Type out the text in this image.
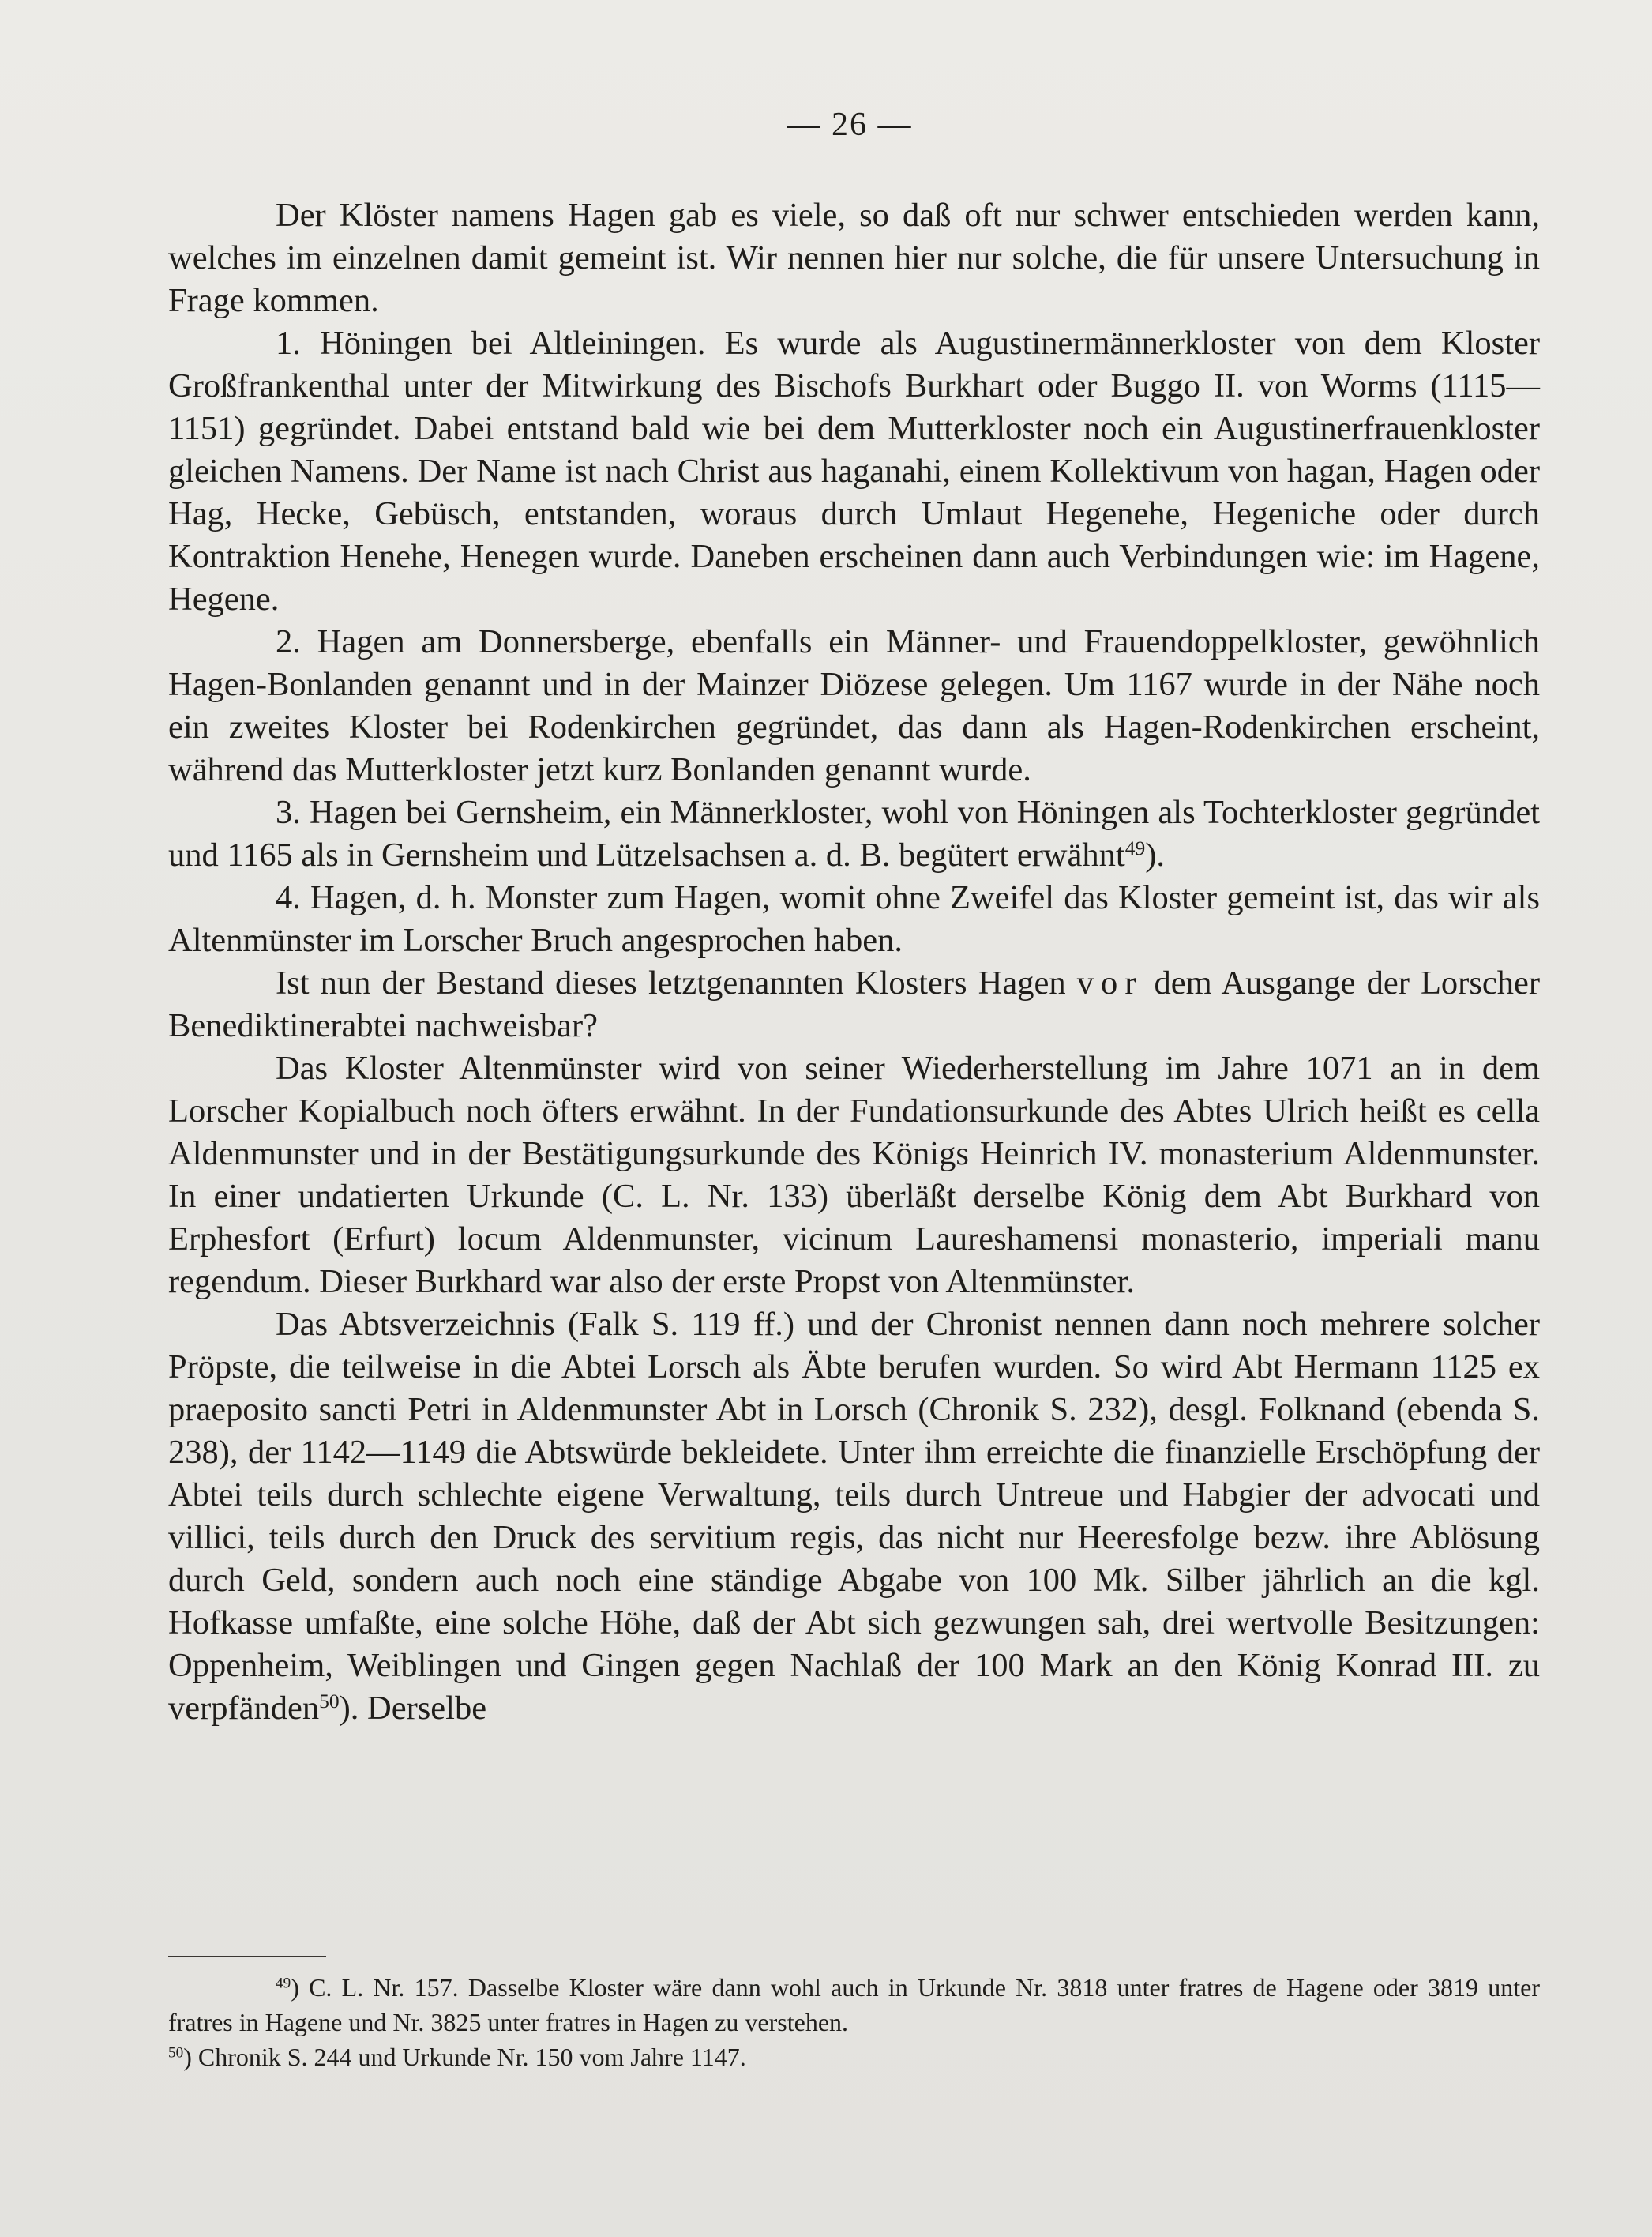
— 26 —

Der Klöster namens Hagen gab es viele, so daß oft nur schwer entschieden werden kann, welches im einzelnen damit gemeint ist. Wir nennen hier nur solche, die für unsere Untersuchung in Frage kommen.

1. Höningen bei Altleiningen. Es wurde als Augustinermännerkloster von dem Kloster Großfrankenthal unter der Mitwirkung des Bischofs Burkhart oder Buggo II. von Worms (1115—1151) gegründet. Dabei entstand bald wie bei dem Mutterkloster noch ein Augustinerfrauenkloster gleichen Namens. Der Name ist nach Christ aus haganahi, einem Kollektivum von hagan, Hagen oder Hag, Hecke, Gebüsch, entstanden, woraus durch Umlaut Hegenehe, Hegeniche oder durch Kontraktion Henehe, Henegen wurde. Daneben erscheinen dann auch Verbindungen wie: im Hagene, Hegene.

2. Hagen am Donnersberge, ebenfalls ein Männer- und Frauendoppelkloster, gewöhnlich Hagen-Bonlanden genannt und in der Mainzer Diözese gelegen. Um 1167 wurde in der Nähe noch ein zweites Kloster bei Rodenkirchen gegründet, das dann als Hagen-Rodenkirchen erscheint, während das Mutterkloster jetzt kurz Bonlanden genannt wurde.

3. Hagen bei Gernsheim, ein Männerkloster, wohl von Höningen als Tochterkloster gegründet und 1165 als in Gernsheim und Lützelsachsen a. d. B. begütert erwähnt$^{49}$).

4. Hagen, d. h. Monster zum Hagen, womit ohne Zweifel das Kloster gemeint ist, das wir als Altenmünster im Lorscher Bruch angesprochen haben.

Ist nun der Bestand dieses letztgenannten Klosters Hagen vor dem Ausgange der Lorscher Benediktinerabtei nachweisbar?

Das Kloster Altenmünster wird von seiner Wiederherstellung im Jahre 1071 an in dem Lorscher Kopialbuch noch öfters erwähnt. In der Fundationsurkunde des Abtes Ulrich heißt es cella Aldenmunster und in der Bestätigungsurkunde des Königs Heinrich IV. monasterium Aldenmunster. In einer undatierten Urkunde (C. L. Nr. 133) überläßt derselbe König dem Abt Burkhard von Erphesfort (Erfurt) locum Aldenmunster, vicinum Laureshamensi monasterio, imperiali manu regendum. Dieser Burkhard war also der erste Propst von Altenmünster.

Das Abtsverzeichnis (Falk S. 119 ff.) und der Chronist nennen dann noch mehrere solcher Pröpste, die teilweise in die Abtei Lorsch als Äbte berufen wurden. So wird Abt Hermann 1125 ex praeposito sancti Petri in Aldenmunster Abt in Lorsch (Chronik S. 232), desgl. Folknand (ebenda S. 238), der 1142—1149 die Abtswürde bekleidete. Unter ihm erreichte die finanzielle Erschöpfung der Abtei teils durch schlechte eigene Verwaltung, teils durch Untreue und Habgier der advocati und villici, teils durch den Druck des servitium regis, das nicht nur Heeresfolge bezw. ihre Ablösung durch Geld, sondern auch noch eine ständige Abgabe von 100 Mk. Silber jährlich an die kgl. Hofkasse umfaßte, eine solche Höhe, daß der Abt sich gezwungen sah, drei wertvolle Besitzungen: Oppenheim, Weiblingen und Gingen gegen Nachlaß der 100 Mark an den König Konrad III. zu verpfänden$^{50}$). Derselbe

$^{49}$) C. L. Nr. 157. Dasselbe Kloster wäre dann wohl auch in Urkunde Nr. 3818 unter fratres de Hagene oder 3819 unter fratres in Hagene und Nr. 3825 unter fratres in Hagen zu verstehen.

$^{50}$) Chronik S. 244 und Urkunde Nr. 150 vom Jahre 1147.
